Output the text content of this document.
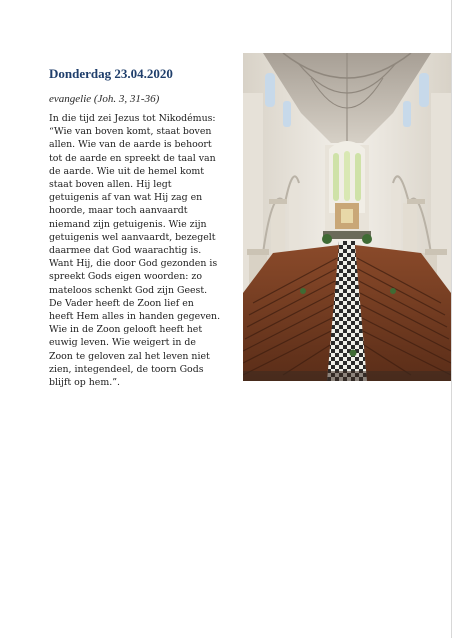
Donderdag 23.04.2020
evangelie (Joh. 3, 31-36)
In die tijd zei Jezus tot Nikodémus:
“Wie van boven komt, staat boven
allen. Wie van de aarde is behoort
tot de aarde en spreekt de taal van
de aarde. Wie uit de hemel komt
staat boven allen. Hij legt
getuigenis af van wat Hij zag en
hoorde, maar toch aanvaardt
niemand zijn getuigenis. Wie zijn
getuigenis wel aanvaardt, bezegelt
daarmee dat God waarachtig is.
Want Hij, die door God gezonden is
spreekt Gods eigen woorden: zo
mateloos schenkt God zijn Geest.
De Vader heeft de Zoon lief en
heeft Hem alles in handen gegeven.
Wie in de Zoon gelooft heeft het
euwig leven. Wie weigert in de
Zoon te geloven zal het leven niet
zien, integendeel, de toorn Gods
blijft op hem.”.
